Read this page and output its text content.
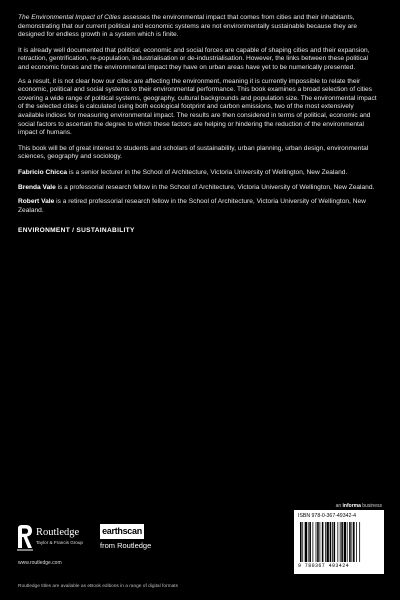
The Environmental Impact of Cities assesses the environmental impact that comes from cities and their inhabitants, demonstrating that our current political and economic systems are not environmentally sustainable because they are designed for endless growth in a system which is finite.

It is already well documented that political, economic and social forces are capable of shaping cities and their expansion, retraction, gentrification, re-population, industrialisation or de-industrialisation. However, the links between these political and economic forces and the environmental impact they have on urban areas have yet to be numerically presented.

As a result, it is not clear how our cities are affecting the environment, meaning it is currently impossible to relate their economic, political and social systems to their environmental performance. This book examines a broad selection of cities covering a wide range of political systems, geography, cultural backgrounds and population size. The environmental impact of the selected cities is calculated using both ecological footprint and carbon emissions, two of the most extensively available indices for measuring environmental impact. The results are then considered in terms of political, economic and social factors to ascertain the degree to which these factors are helping or hindering the reduction of the environmental impact of humans.

This book will be of great interest to students and scholars of sustainability, urban planning, urban design, environmental sciences, geography and sociology.

Fabricio Chicca is a senior lecturer in the School of Architecture, Victoria University of Wellington, New Zealand.

Brenda Vale is a professorial research fellow in the School of Architecture, Victoria University of Wellington, New Zealand.

Robert Vale is a retired professorial research fellow in the School of Architecture, Victoria University of Wellington, New Zealand.

ENVIRONMENT / SUSTAINABILITY

an informa business
Routledge
Taylor & Francis Group
www.routledge.com
earthscan
from Routledge
ISBN 978-0-367-49342-4
9 780367 493424
Routledge titles are available as eBook editions in a range of digital formats
